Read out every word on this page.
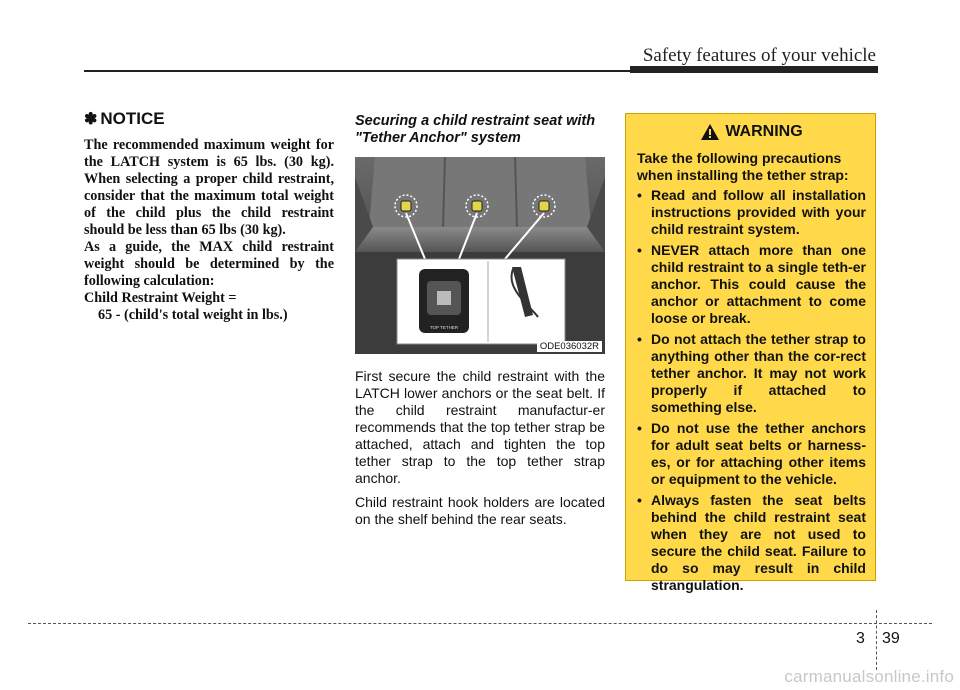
Safety features of your vehicle
✽ NOTICE

The recommended maximum weight for the LATCH system is 65 lbs. (30 kg). When selecting a proper child restraint, consider that the maximum total weight of the child plus the child restraint should be less than 65 lbs (30 kg).

As a guide, the MAX child restraint weight should be determined by the following calculation:

Child Restraint Weight =

65 - (child's total weight in lbs.)

Securing a child restraint seat with "Tether Anchor" system
TOP TETHER
ODE036032R

First secure the child restraint with the LATCH lower anchors or the seat belt. If the child restraint manufactur-er recommends that the top tether strap be attached, attach and tighten the top tether strap to the top tether strap anchor.

Child restraint hook holders are located on the shelf behind the rear seats.

WARNING

Take the following precautions when installing the tether strap:

• Read and follow all installation instructions provided with your child restraint system.
• NEVER attach more than one child restraint to a single teth-er anchor. This could cause the anchor or attachment to come loose or break.
• Do not attach the tether strap to anything other than the cor-rect tether anchor. It may not work properly if attached to something else.
• Do not use the tether anchors for adult seat belts or harness-es, or for attaching other items or equipment to the vehicle.
• Always fasten the seat belts behind the child restraint seat when they are not used to secure the child seat. Failure to do so may result in child strangulation.
3 39
carmanualsonline.info
